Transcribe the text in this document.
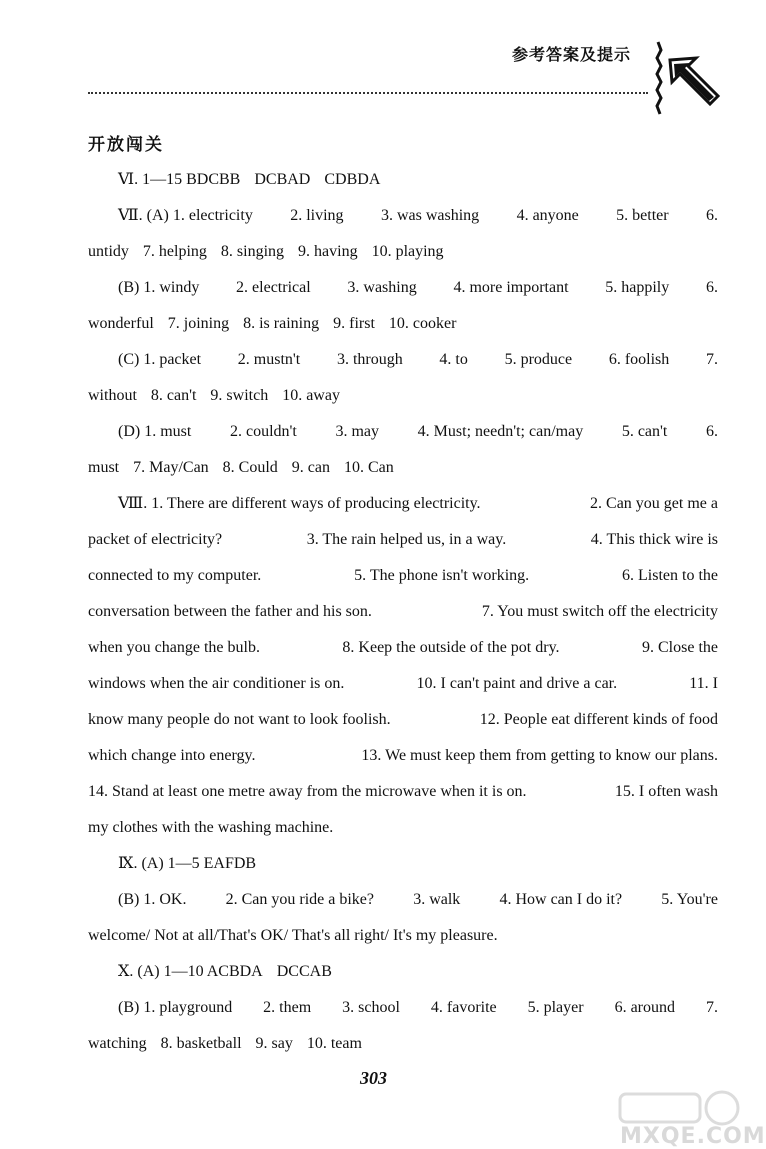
参考答案及提示
开放闯关
Ⅵ. 1—15 BDCBB DCBAD CDBDA
Ⅶ. (A) 1. electricity 2. living 3. was washing 4. anyone 5. better 6.
untidy 7. helping 8. singing 9. having 10. playing
(B) 1. windy 2. electrical 3. washing 4. more important 5. happily 6.
wonderful 7. joining 8. is raining 9. first 10. cooker
(C) 1. packet 2. mustn't 3. through 4. to 5. produce 6. foolish 7.
without 8. can't 9. switch 10. away
(D) 1. must 2. couldn't 3. may 4. Must; needn't; can/may 5. can't 6.
must 7. May/Can 8. Could 9. can 10. Can
Ⅷ. 1. There are different ways of producing electricity.	2. Can you get me a
packet of electricity?	3. The rain helped us, in a way.	4. This thick wire is
connected to my computer.	5. The phone isn't working.	6. Listen to the
conversation between the father and his son.	7. You must switch off the electricity
when you change the bulb.	8. Keep the outside of the pot dry.	9. Close the
windows when the air conditioner is on.	10. I can't paint and drive a car.	11. I
know many people do not want to look foolish.	12. People eat different kinds of food
which change into energy.	13. We must keep them from getting to know our plans.
14. Stand at least one metre away from the microwave when it is on.	15. I often wash
my clothes with the washing machine.
Ⅸ. (A) 1—5 EAFDB
(B) 1. OK. 2. Can you ride a bike? 3. walk 4. How can I do it? 5. You're
welcome/ Not at all/That's OK/ That's all right/ It's my pleasure.
Ⅹ. (A) 1—10 ACBDA DCCAB
(B) 1. playground 2. them 3. school 4. favorite 5. player 6. around 7.
watching 8. basketball 9. say 10. team
303
MXQE.COM
